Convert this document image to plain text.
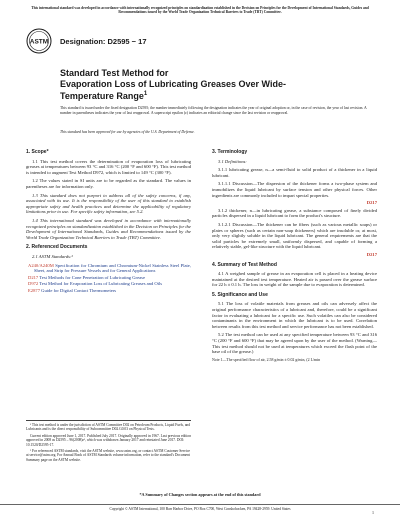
This international standard was developed in accordance with internationally recognized principles on standardization established in the Decision on Principles for the Development of International Standards, Guides and Recommendations issued by the World Trade Organization Technical Barriers to Trade (TBT) Committee.
ASTM Designation: D2595 − 17
Standard Test Method for
Evaporation Loss of Lubricating Greases Over Wide-
Temperature Range$^1$
This standard is issued under the fixed designation D2595; the number immediately following the designation indicates the year of original adoption or, in the case of revision, the year of last revision. A number in parentheses indicates the year of last reapproval. A superscript epsilon (ε) indicates an editorial change since the last revision or reapproval.
This standard has been approved for use by agencies of the U.S. Department of Defense.
1. Scope*

1.1 This test method covers the determination of evaporation loss of lubricating greases at temperatures between 93 °C and 316 °C (200 °F and 600 °F). This test method is intended to augment Test Method D972, which is limited to 149 °C (300 °F).

1.2 The values stated in SI units are to be regarded as the standard. The values in parentheses are for information only.

1.3 This standard does not purport to address all of the safety concerns, if any, associated with its use. It is the responsibility of the user of this standard to establish appropriate safety and health practices and determine the applicability of regulatory limitations prior to use. For specific safety information, see 5.2.

1.4 This international standard was developed in accordance with internationally recognized principles on standardization established in the Decision on Principles for the Development of International Standards, Guides and Recommendations issued by the World Trade Organization Technical Barriers to Trade (TBT) Committee.

2. Referenced Documents

2.1 ASTM Standards:²

A240/A240M Specification for Chromium and Chromium-Nickel Stainless Steel Plate, Sheet, and Strip for Pressure Vessels and for General Applications

D217 Test Methods for Cone Penetration of Lubricating Grease

D972 Test Method for Evaporation Loss of Lubricating Greases and Oils

E2877 Guide for Digital Contact Thermometers

¹ This test method is under the jurisdiction of ASTM Committee D02 on Petroleum Products, Liquid Fuels, and Lubricants and is the direct responsibility of Subcommittee D02.G0.03 on Physical Tests.

Current edition approved June 1, 2017. Published July 2017. Originally approved in 1967. Last previous edition approved in 2008 as D2595 – 96(2008)ε¹, which was withdrawn January 2017 and reinstated June 2017. DOI: 10.1520/D2595-17.

² For referenced ASTM standards, visit the ASTM website, www.astm.org, or contact ASTM Customer Service at service@astm.org. For Annual Book of ASTM Standards volume information, refer to the standard's Document Summary page on the ASTM website.

3. Terminology

3.1 Definitions:

3.1.1 lubricating grease, n—a semi-fluid to solid product of a thickener in a liquid lubricant.

3.1.1.1 Discussion—The dispersion of the thickener forms a two-phase system and immobilizes the liquid lubricant by surface tension and other physical forces. Other ingredients are commonly included to impart special properties.

D217

3.1.2 thickener, n—in lubricating grease, a substance composed of finely divided particles dispersed in a liquid lubricant to form the product's structure.

3.1.2.1 Discussion—The thickener can be fibers (such as various metallic soaps) or plates or spheres (such as certain non-soap thickeners) which are insoluble or, at most, only very slightly soluble in the liquid lubricant. The general requirements are that the solid particles be extremely small, uniformly dispersed, and capable of forming a relatively stable, gel-like structure with the liquid lubricant.

D217
4. Summary of Test Method

4.1 A weighed sample of grease in an evaporation cell is placed in a heating device maintained at the desired test temperature. Heated air is passed over the grease surface for 22 h ± 0.1 h. The loss in weight of the sample due to evaporation is determined.

5. Significance and Use

5.1 The loss of volatile materials from greases and oils can adversely affect the original performance characteristics of a lubricant and, therefore, could be a significant factor in evaluating a lubricant for a specific use. Such volatiles can also be considered contaminants in the environment in which the lubricant is to be used. Correlation between results from this test method and service performance has not been established.

5.2 The test method can be used at any specified temperature between 93 °C and 316 °C (200 °F and 600 °F) that may be agreed upon by the user of the method. (Warning—This test method should not be used at temperatures which exceed the flash point of the base oil of the grease.)

Note 1—The specified flow of air, 2.58 g/min ± 0.02 g/min, (2 L/min

*A Summary of Changes section appears at the end of this standard
Copyright © ASTM International, 100 Barr Harbor Drive, PO Box C700, West Conshohocken, PA 19428-2959. United States
1
